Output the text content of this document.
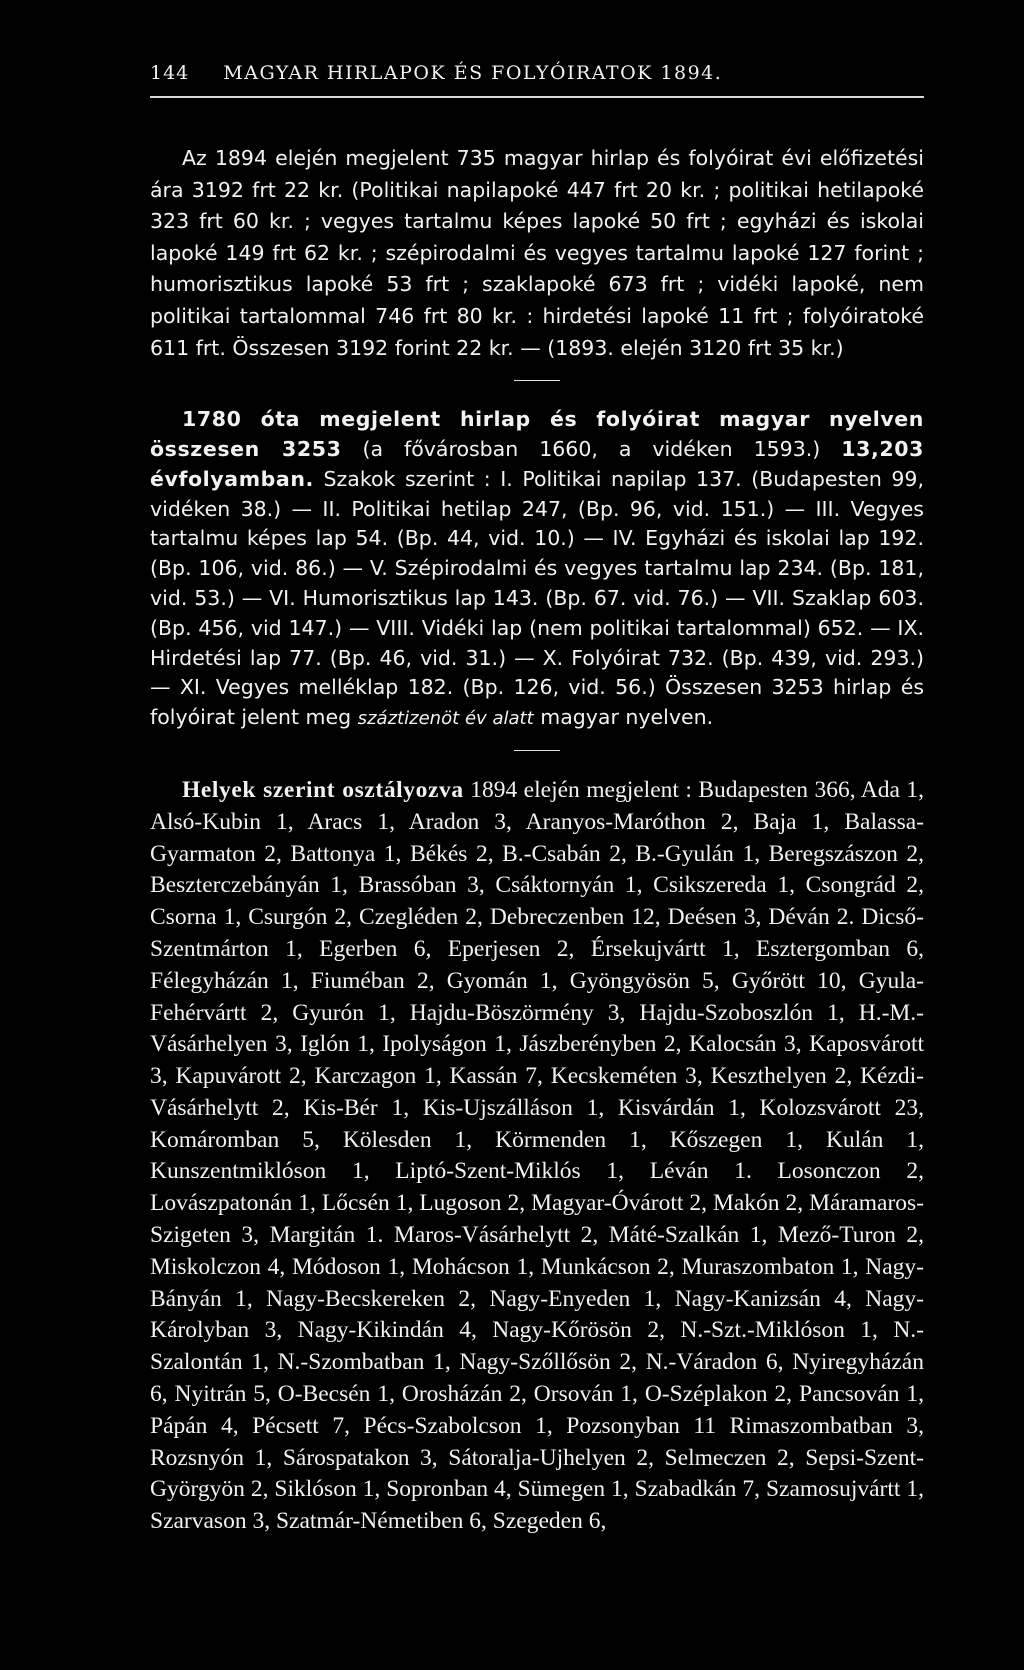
144	MAGYAR HIRLAPOK ÉS FOLYÓIRATOK 1894.

Az 1894 elején megjelent 735 magyar hirlap és folyóirat évi előfizetési ára 3192 frt 22 kr. (Politikai napilapoké 447 frt 20 kr. ; politikai hetilapoké 323 frt 60 kr. ; vegyes tartalmu képes lapoké 50 frt ; egyházi és iskolai lapoké 149 frt 62 kr. ; szépirodalmi és vegyes tartalmu lapoké 127 forint ; humorisztikus lapoké 53 frt ; szaklapoké 673 frt ; vidéki lapoké, nem politikai tartalommal 746 frt 80 kr. : hirdetési lapoké 11 frt ; folyóiratoké 611 frt. Összesen 3192 forint 22 kr. — (1893. elején 3120 frt 35 kr.)

1780 óta megjelent hirlap és folyóirat magyar nyelven összesen 3253 (a fővárosban 1660, a vidéken 1593.) 13,203 évfolyamban. Szakok szerint : I. Politikai napilap 137. (Budapesten 99, vidéken 38.) — II. Politikai hetilap 247, (Bp. 96, vid. 151.) — III. Vegyes tartalmu képes lap 54. (Bp. 44, vid. 10.) — IV. Egyházi és iskolai lap 192. (Bp. 106, vid. 86.) — V. Szépirodalmi és vegyes tartalmu lap 234. (Bp. 181, vid. 53.) — VI. Humorisztikus lap 143. (Bp. 67. vid. 76.) — VII. Szaklap 603. (Bp. 456, vid 147.) — VIII. Vidéki lap (nem politikai tartalommal) 652. — IX. Hirdetési lap 77. (Bp. 46, vid. 31.) — X. Folyóirat 732. (Bp. 439, vid. 293.) — XI. Vegyes melléklap 182. (Bp. 126, vid. 56.) Összesen 3253 hirlap és folyóirat jelent meg száztizenöt év alatt magyar nyelven.

Helyek szerint osztályozva 1894 elején megjelent : Budapesten 366, Ada 1, Alsó-Kubin 1, Aracs 1, Aradon 3, Aranyos-Maróthon 2, Baja 1, Balassa-Gyarmaton 2, Battonya 1, Békés 2, B.-Csabán 2, B.-Gyulán 1, Beregszászon 2, Beszterczebányán 1, Brassóban 3, Csáktornyán 1, Csikszereda 1, Csongrád 2, Csorna 1, Csurgón 2, Czegléden 2, Debreczenben 12, Deésen 3, Déván 2. Dicső-Szentmárton 1, Egerben 6, Eperjesen 2, Érsekujvártt 1, Esztergomban 6, Félegyházán 1, Fiuméban 2, Gyomán 1, Gyöngyösön 5, Győrött 10, Gyula-Fehérvártt 2, Gyurón 1, Hajdu-Böszörmény 3, Hajdu-Szoboszlón 1, H.-M.-Vásárhelyen 3, Iglón 1, Ipolyságon 1, Jászberényben 2, Kalocsán 3, Kaposvárott 3, Kapuvárott 2, Karczagon 1, Kassán 7, Kecskeméten 3, Keszthelyen 2, Kézdi-Vásárhelytt 2, Kis-Bér 1, Kis-Ujszálláson 1, Kisvárdán 1, Kolozsvárott 23, Komáromban 5, Kölesden 1, Körmenden 1, Kőszegen 1, Kulán 1, Kunszentmiklóson 1, Liptó-Szent-Miklós 1, Léván 1. Losonczon 2, Lovászpatonán 1, Lőcsén 1, Lugoson 2, Magyar-Óvárott 2, Makón 2, Máramaros-Szigeten 3, Margitán 1. Maros-Vásárhelytt 2, Máté-Szalkán 1, Mező-Turon 2, Miskolczon 4, Módoson 1, Mohácson 1, Munkácson 2, Muraszombaton 1, Nagy-Bányán 1, Nagy-Becskereken 2, Nagy-Enyeden 1, Nagy-Kanizsán 4, Nagy-Károlyban 3, Nagy-Kikindán 4, Nagy-Kőrösön 2, N.-Szt.-Miklóson 1, N.-Szalontán 1, N.-Szombatban 1, Nagy-Szőllősön 2, N.-Váradon 6, Nyiregyházán 6, Nyitrán 5, O-Becsén 1, Orosházán 2, Orsován 1, O-Széplakon 2, Pancsován 1, Pápán 4, Pécsett 7, Pécs-Szabolcson 1, Pozsonyban 11 Rimaszombatban 3, Rozsnyón 1, Sárospatakon 3, Sátoralja-Ujhelyen 2, Selmeczen 2, Sepsi-Szent-Györgyön 2, Siklóson 1, Sopronban 4, Sümegen 1, Szabadkán 7, Szamosujvártt 1, Szarvason 3, Szatmár-Németiben 6, Szegeden 6,
